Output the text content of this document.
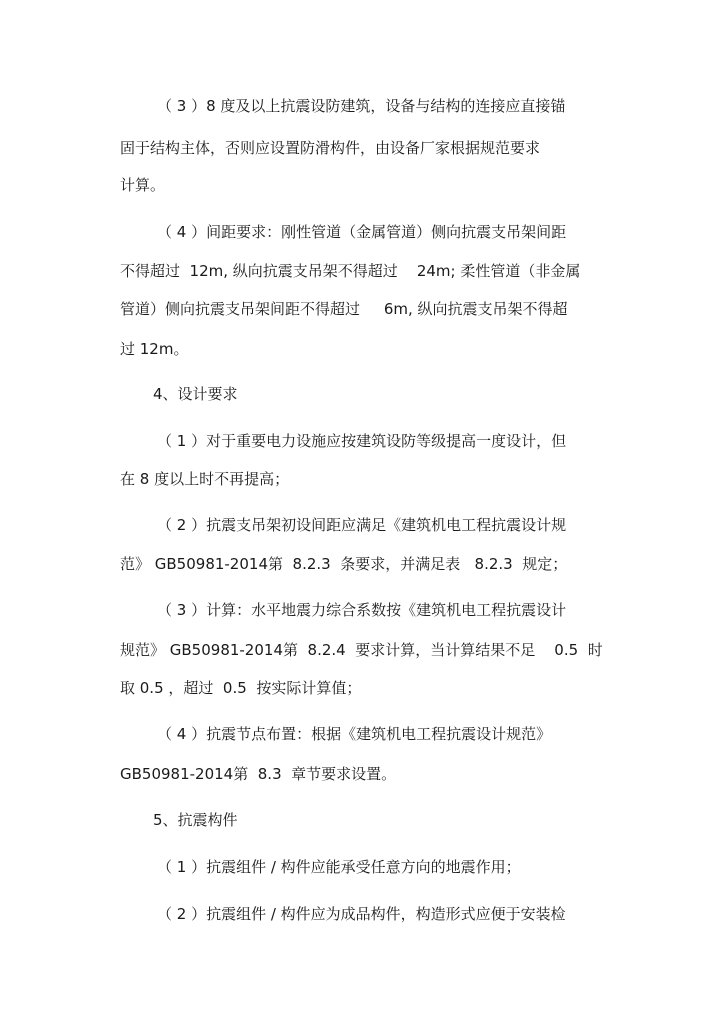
（ 3 ）8 度及以上抗震设防建筑，设备与结构的连接应直接锚
固于结构主体，否则应设置防滑构件，由设备厂家根据规范要求
计算。
（ 4 ）间距要求：刚性管道（金属管道）侧向抗震支吊架间距
不得超过  12m, 纵向抗震支吊架不得超过    24m; 柔性管道（非金属
管道）侧向抗震支吊架间距不得超过     6m, 纵向抗震支吊架不得超
过 12m。
4、设计要求
（ 1 ）对于重要电力设施应按建筑设防等级提高一度设计，但
在 8 度以上时不再提高；
（ 2 ）抗震支吊架初设间距应满足《建筑机电工程抗震设计规
范》 GB50981-2014第  8.2.3  条要求，并满足表   8.2.3  规定；
（ 3 ）计算：水平地震力综合系数按《建筑机电工程抗震设计
规范》 GB50981-2014第  8.2.4  要求计算，当计算结果不足    0.5  时
取 0.5 ，超过  0.5  按实际计算值；
（ 4 ）抗震节点布置：根据《建筑机电工程抗震设计规范》
GB50981-2014第  8.3  章节要求设置。
5、抗震构件
（ 1 ）抗震组件 / 构件应能承受任意方向的地震作用；
（ 2 ）抗震组件 / 构件应为成品构件，构造形式应便于安装检
